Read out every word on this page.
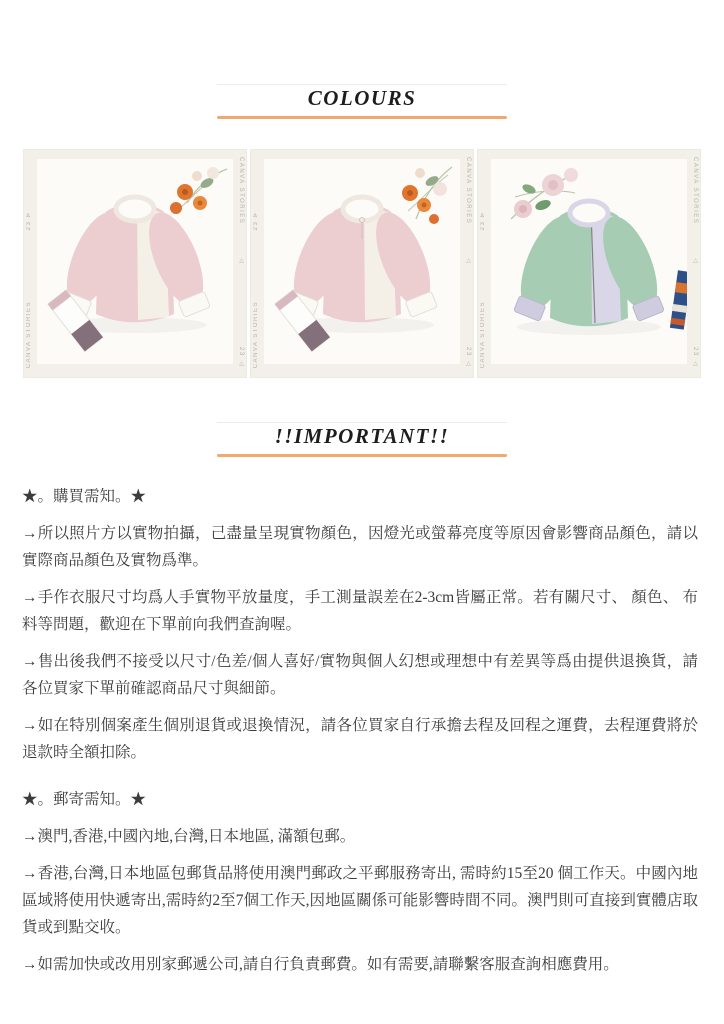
COLOURS
23 ⊳
CANVA STORIES
CANVA STORIES
△
23 △
23 ⊳
CANVA STORIES
CANVA STORIES
△
23 △
23 ⊳
CANVA STORIES
CANVA STORIES
△
23 △
!!IMPORTANT!!
★。購買需知。★

→所以照片方以實物拍攝，己盡量呈現實物顏色，因燈光或螢幕亮度等原因會影響商品顏色，請以實際商品顏色及實物爲準。

→手作衣服尺寸均爲人手實物平放量度，手工測量誤差在2-3cm皆屬正常。若有關尺寸、 顏色、 布料等問題，歡迎在下單前向我們查詢喔。

→售出後我們不接受以尺寸/色差/個人喜好/實物與個人幻想或理想中有差異等爲由提供退換貨，請各位買家下單前確認商品尺寸與細節。

→如在特別個案產生個別退貨或退換情況，請各位買家自行承擔去程及回程之運費，去程運費將於退款時全額扣除。

★。郵寄需知。★

→澳門,香港,中國內地,台灣,日本地區, 滿額包郵。

→香港,台灣,日本地區包郵貨品將使用澳門郵政之平郵服務寄出, 需時約15至20 個工作天。中國內地區域將使用快遞寄出,需時約2至7個工作天,因地區關係可能影響時間不同。澳門則可直接到實體店取貨或到點交收。

→如需加快或改用別家郵遞公司,請自行負責郵費。如有需要,請聯繫客服查詢相應費用。
